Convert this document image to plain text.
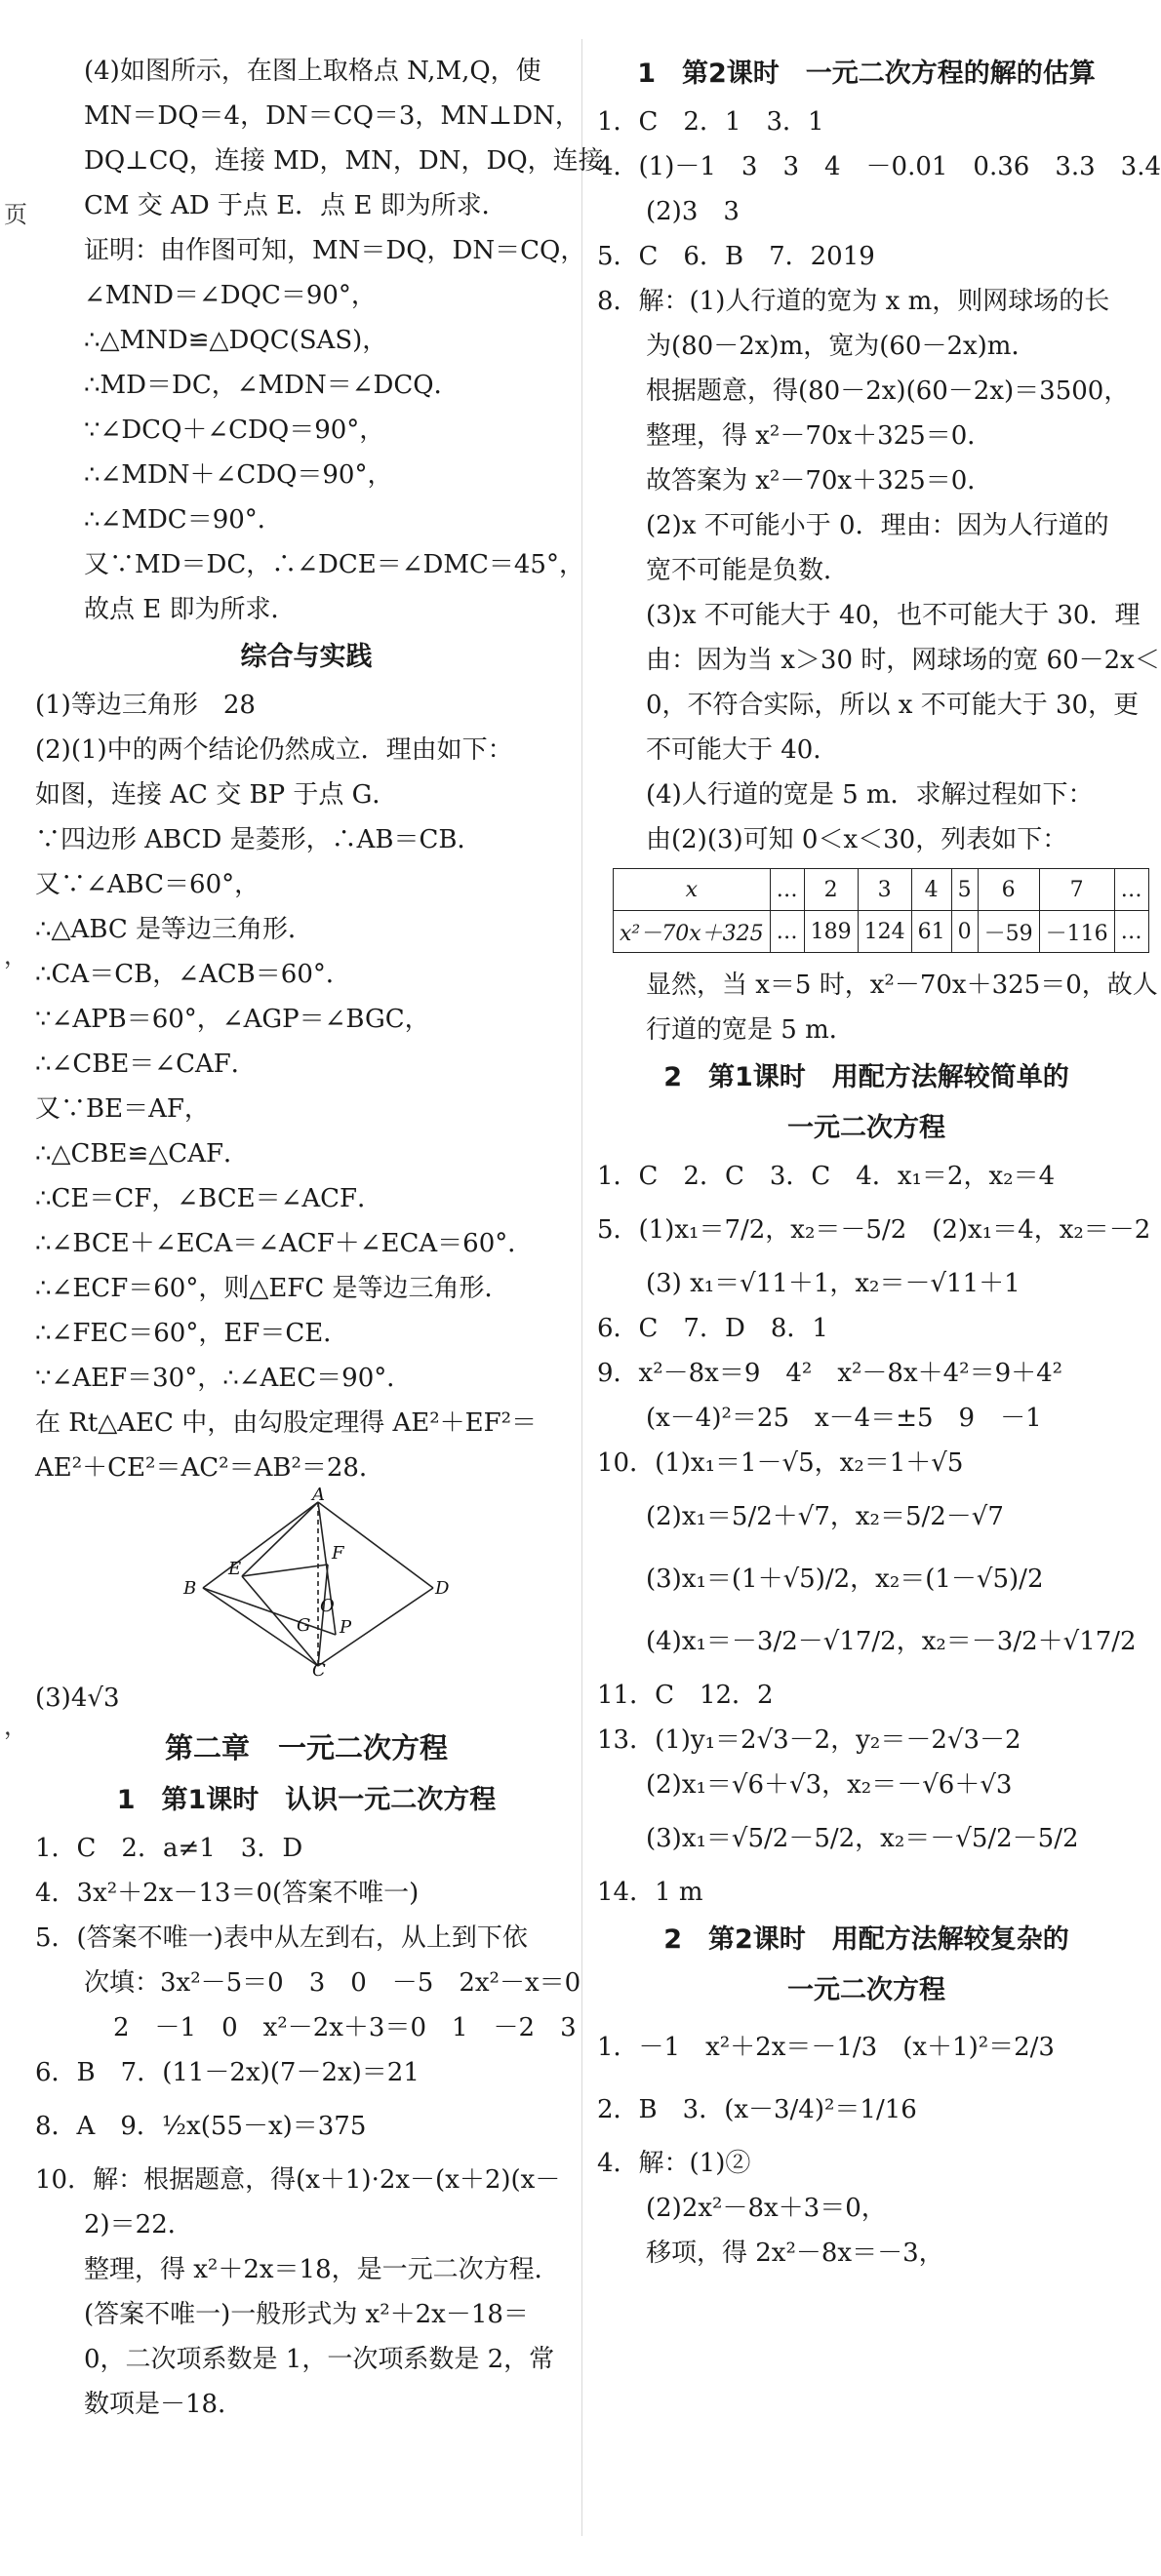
页
，
，
(4)如图所示，在图上取格点 N,M,Q，使
MN＝DQ＝4，DN＝CQ＝3，MN⊥DN，
DQ⊥CQ，连接 MD，MN，DN，DQ，连接
CM 交 AD 于点 E．点 E 即为所求．
证明：由作图可知，MN＝DQ，DN＝CQ，
∠MND＝∠DQC＝90°，
∴△MND≌△DQC(SAS)，
∴MD＝DC，∠MDN＝∠DCQ．
∵∠DCQ＋∠CDQ＝90°，
∴∠MDN＋∠CDQ＝90°，
∴∠MDC＝90°．
又∵MD＝DC，∴∠DCE＝∠DMC＝45°，
故点 E 即为所求．
综合与实践
(1)等边三角形　28
(2)(1)中的两个结论仍然成立．理由如下：
如图，连接 AC 交 BP 于点 G．
∵四边形 ABCD 是菱形，∴AB＝CB．
又∵∠ABC＝60°，
∴△ABC 是等边三角形．
∴CA＝CB，∠ACB＝60°．
∵∠APB＝60°，∠AGP＝∠BGC，
∴∠CBE＝∠CAF．
又∵BE＝AF，
∴△CBE≌△CAF．
∴CE＝CF，∠BCE＝∠ACF．
∴∠BCE＋∠ECA＝∠ACF＋∠ECA＝60°．
∴∠ECF＝60°，则△EFC 是等边三角形．
∴∠FEC＝60°，EF＝CE．
∵∠AEF＝30°，∴∠AEC＝90°．
在 Rt△AEC 中，由勾股定理得 AE²＋EF²＝
AE²＋CE²＝AC²＝AB²＝28．
A
B
C
D
E
F
G
O
P
(3)4√3
第二章　一元二次方程
1　第1课时　认识一元二次方程
1．C　2．a≠1　3．D
4．3x²＋2x－13＝0(答案不唯一)
5．(答案不唯一)表中从左到右，从上到下依
次填：3x²－5＝0　3　0　－5　2x²－x＝0
2　－1　0　x²－2x＋3＝0　1　－2　3
6．B　7．(11－2x)(7－2x)＝21
8．A　9．½x(55－x)＝375
10．解：根据题意，得(x＋1)·2x－(x＋2)(x－
2)＝22．
整理，得 x²＋2x＝18，是一元二次方程．
(答案不唯一)一般形式为 x²＋2x－18＝
0，二次项系数是 1，一次项系数是 2，常
数项是－18．
1　第2课时　一元二次方程的解的估算
1．C　2．1　3．1
4．(1)－1　3　3　4　－0.01　0.36　3.3　3.4
(2)3　3
5．C　6．B　7．2019
8．解：(1)人行道的宽为 x m，则网球场的长
为(80－2x)m，宽为(60－2x)m．
根据题意，得(80－2x)(60－2x)＝3500，
整理，得 x²－70x＋325＝0．
故答案为 x²－70x＋325＝0．
(2)x 不可能小于 0．理由：因为人行道的
宽不可能是负数．
(3)x 不可能大于 40，也不可能大于 30．理
由：因为当 x＞30 时，网球场的宽 60－2x＜
0，不符合实际，所以 x 不可能大于 30，更
不可能大于 40．
(4)人行道的宽是 5 m．求解过程如下：
由(2)(3)可知 0＜x＜30，列表如下：
x	…	2	3	4	5	6	7	…
x²－70x＋325	…	189	124	61	0	－59	－116	…
显然，当 x＝5 时，x²－70x＋325＝0，故人
行道的宽是 5 m．
2　第1课时　用配方法解较简单的
一元二次方程
1．C　2．C　3．C　4．x₁＝2，x₂＝4
5．(1)x₁＝7/2，x₂＝－5/2　(2)x₁＝4，x₂＝－2
(3) x₁＝√11＋1，x₂＝－√11＋1
6．C　7．D　8．1
9．x²－8x＝9　4²　x²－8x＋4²＝9＋4²
(x－4)²＝25　x－4＝±5　9　－1
10．(1)x₁＝1－√5，x₂＝1＋√5
(2)x₁＝5/2＋√7，x₂＝5/2－√7
(3)x₁＝(1＋√5)/2，x₂＝(1－√5)/2
(4)x₁＝－3/2－√17/2，x₂＝－3/2＋√17/2
11．C　12．2
13．(1)y₁＝2√3－2，y₂＝－2√3－2
(2)x₁＝√6＋√3，x₂＝－√6＋√3
(3)x₁＝√5/2－5/2，x₂＝－√5/2－5/2
14．1 m
2　第2课时　用配方法解较复杂的
一元二次方程
1．－1　x²＋2x＝－1/3　(x＋1)²＝2/3
2．B　3．(x－3/4)²＝1/16
4．解：(1)②
(2)2x²－8x＋3＝0，
移项，得 2x²－8x＝－3，
